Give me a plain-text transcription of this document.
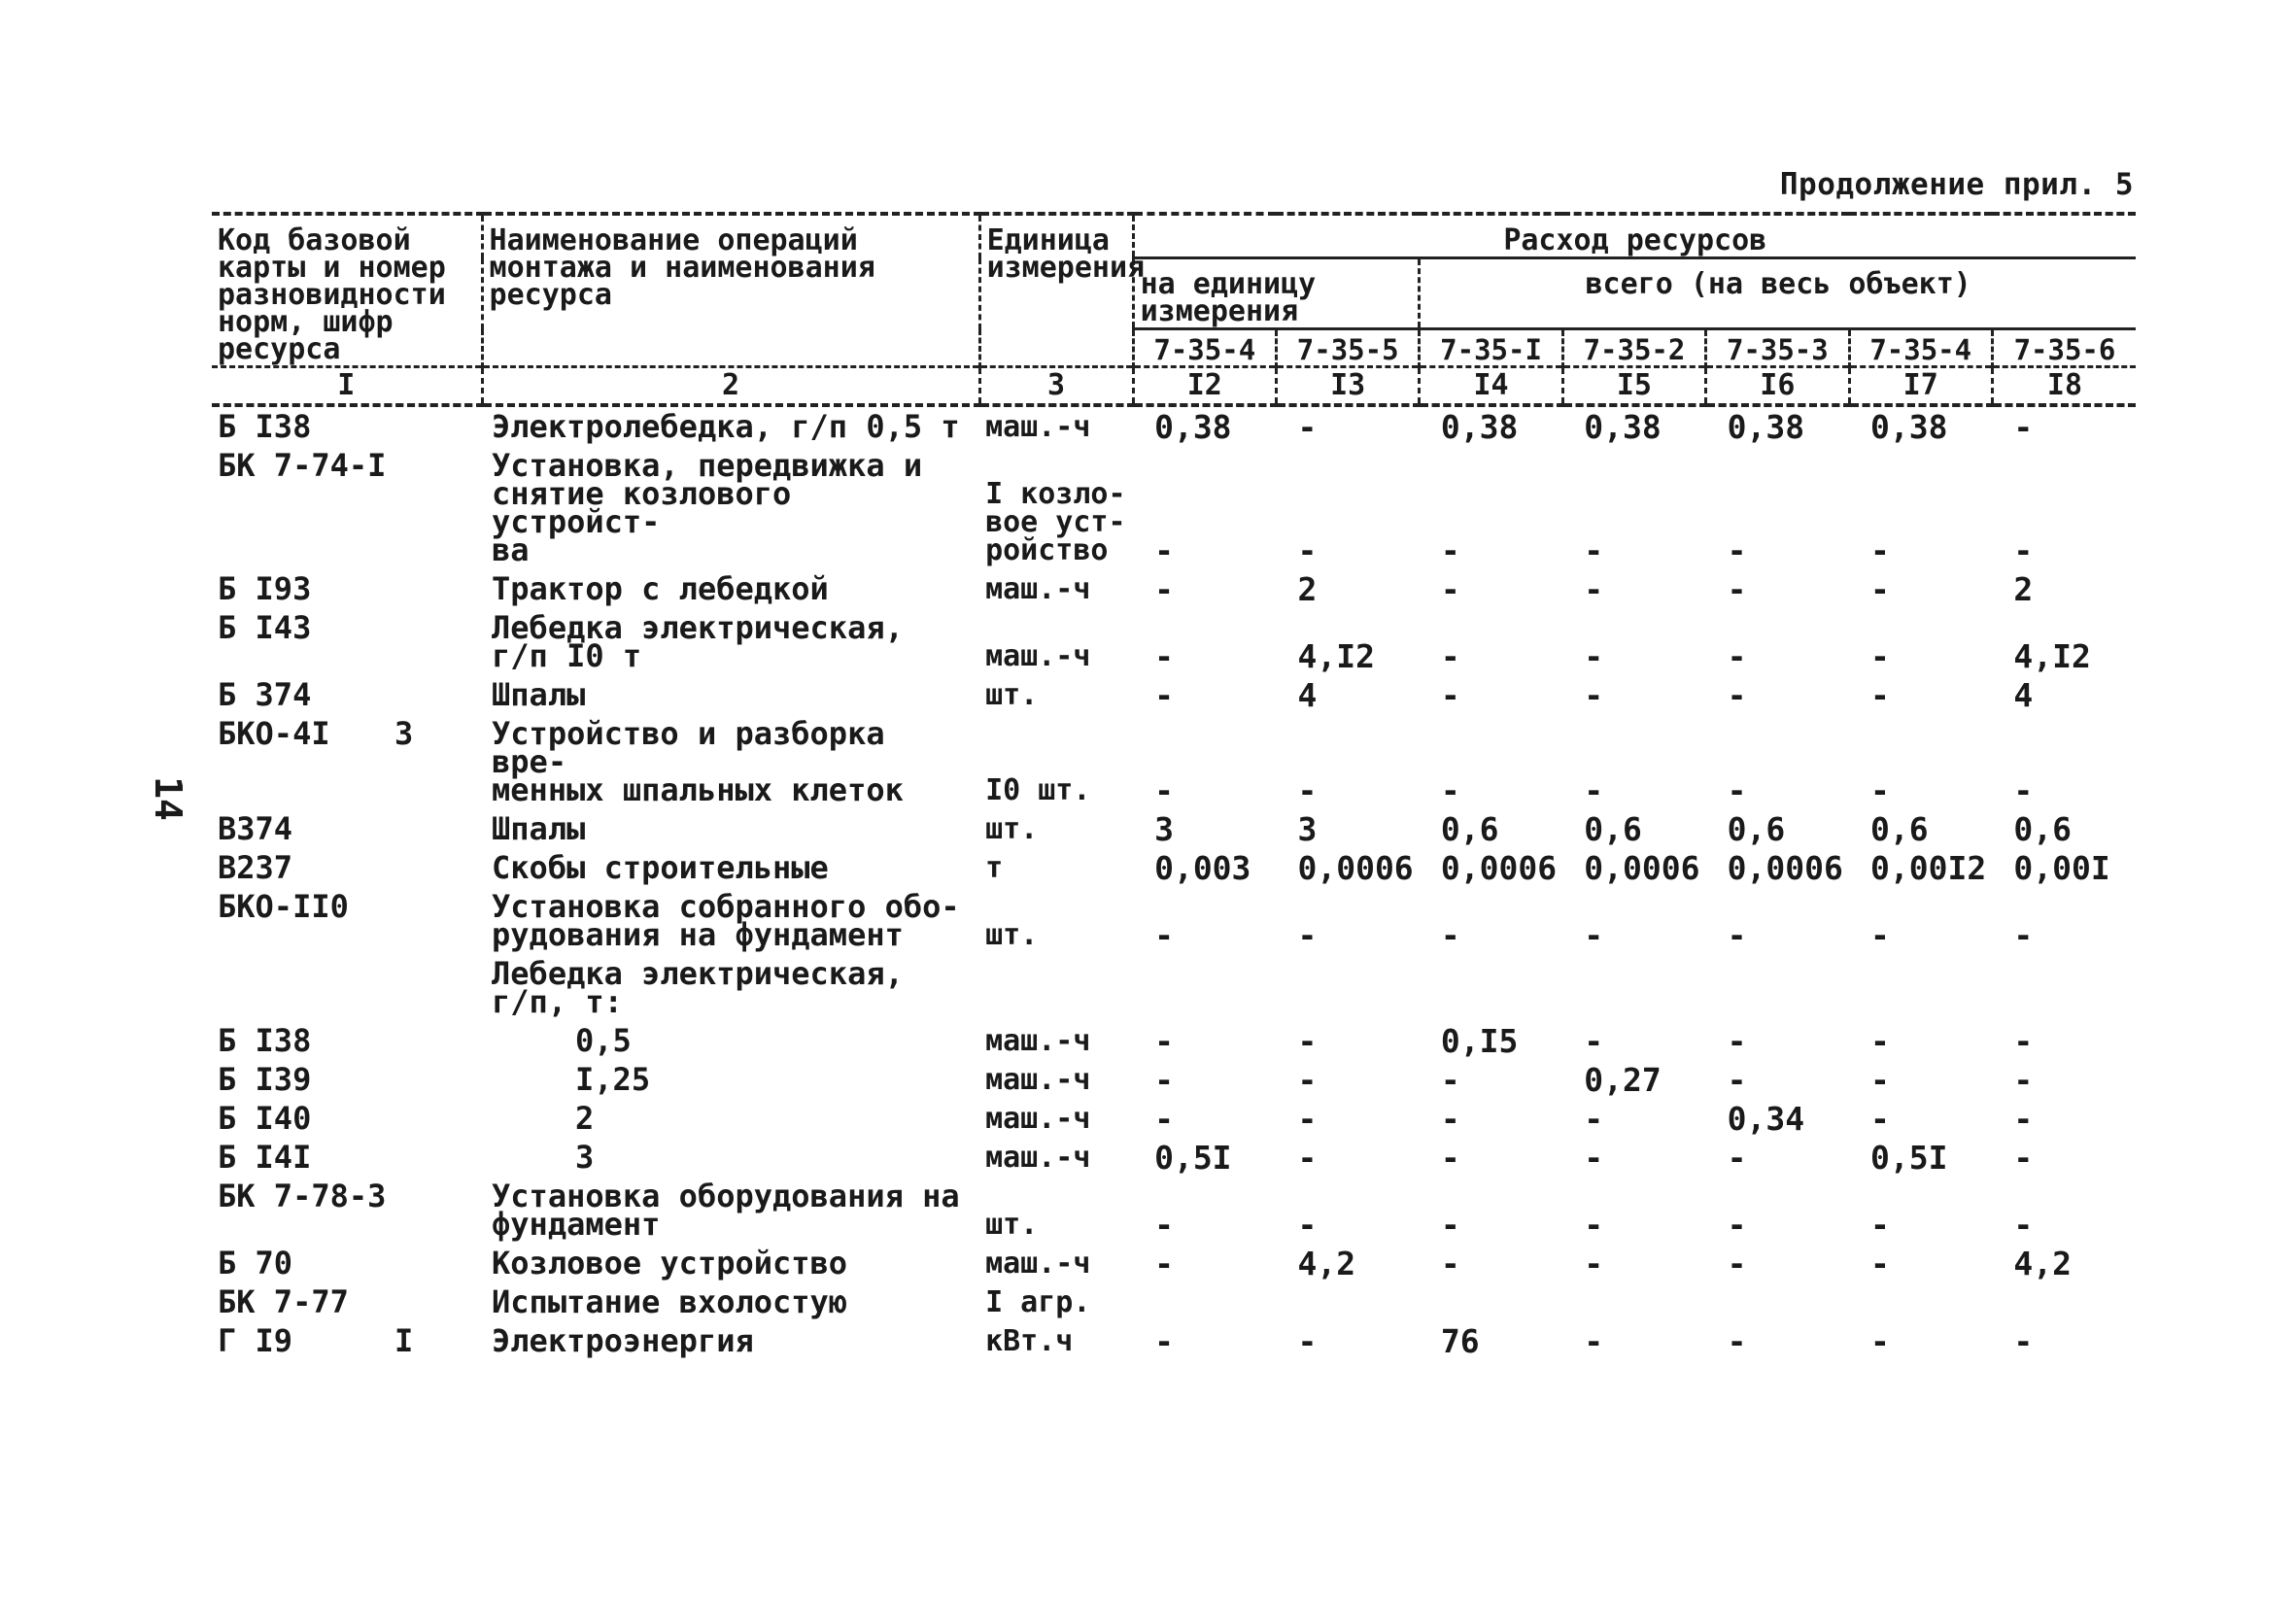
Продолжение прил. 5
14
Код базовой карты и номер разновидности норм, шифр ресурса	Наименование операций монтажа и наименования ресурса	Единица измерения	Расход ресурсов						
			на единицу измерения		всего (на весь объект)				
			7-35-4	7-35-5	7-35-I	7-35-2	7-35-3	7-35-4	7-35-6
I	2	3	I2	I3	I4	I5	I6	I7	I8
Б I38	Электролебедка, г/п 0,5 т	маш.-ч	0,38	-	0,38	0,38	0,38	0,38	-
БК 7-74-I	Установка, передвижка и
снятие козлового устройст-
ва	I козло-
вое уст-
ройство	-	-	-	-	-	-	-
Б I93	Трактор с лебедкой	маш.-ч	-	2	-	-	-	-	2
Б I43	Лебедка электрическая,
г/п I0 т	маш.-ч	-	4,I2	-	-	-	-	4,I2
Б 374	Шпалы	шт.	-	4	-	-	-	-	4
БКО-4I 3	Устройство и разборка вре-
менных шпальных клеток	I0 шт.	-	-	-	-	-	-	-
В374	Шпалы	шт.	3	3	0,6	0,6	0,6	0,6	0,6
В237	Скобы строительные	т	0,003	0,0006	0,0006	0,0006	0,0006	0,00I2	0,00I
БКО-II0	Установка собранного обо-
рудования на фундамент	шт.	-	-	-	-	-	-	-
	Лебедка электрическая,
г/п, т:								
Б I38	0,5	маш.-ч	-	-	0,I5	-	-	-	-
Б I39	I,25	маш.-ч	-	-	-	0,27	-	-	-
Б I40	2	маш.-ч	-	-	-	-	0,34	-	-
Б I4I	3	маш.-ч	0,5I	-	-	-	-	0,5I	-
БК 7-78-3	Установка оборудования на
фундамент	шт.	-	-	-	-	-	-	-
Б 70	Козловое устройство	маш.-ч	-	4,2	-	-	-	-	4,2
БК 7-77	Испытание вхолостую	I агр.							
Г I9 I	Электроэнергия	кВт.ч	-	-	76	-	-	-	-
